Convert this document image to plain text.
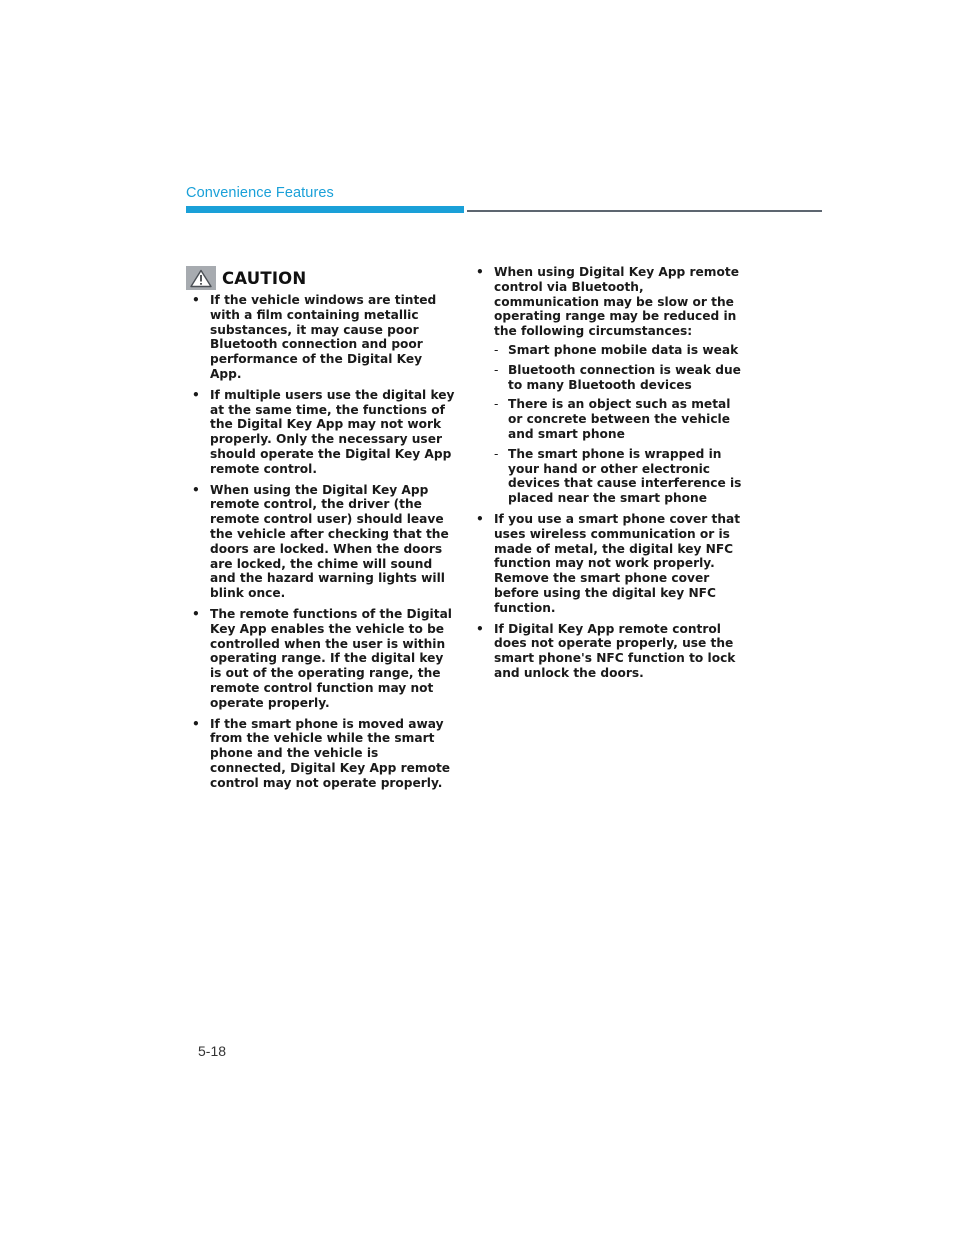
Convenience Features
CAUTION
• If the vehicle windows are tinted with a film containing metallic substances, it may cause poor Bluetooth connection and poor performance of the Digital Key App.
• If multiple users use the digital key at the same time, the functions of the Digital Key App may not work properly. Only the necessary user should operate the Digital Key App remote control.
• When using the Digital Key App remote control, the driver (the remote control user) should leave the vehicle after checking that the doors are locked. When the doors are locked, the chime will sound and the hazard warning lights will blink once.
• The remote functions of the Digital Key App enables the vehicle to be controlled when the user is within operating range. If the digital key is out of the operating range, the remote control function may not operate properly.
• If the smart phone is moved away from the vehicle while the smart phone and the vehicle is connected, Digital Key App remote control may not operate properly.
• When using Digital Key App remote control via Bluetooth, communication may be slow or the operating range may be reduced in the following circumstances:
- Smart phone mobile data is weak
- Bluetooth connection is weak due to many Bluetooth devices
- There is an object such as metal or concrete between the vehicle and smart phone
- The smart phone is wrapped in your hand or other electronic devices that cause interference is placed near the smart phone
• If you use a smart phone cover that uses wireless communication or is made of metal, the digital key NFC function may not work properly. Remove the smart phone cover before using the digital key NFC function.
• If Digital Key App remote control does not operate properly, use the smart phone's NFC function to lock and unlock the doors.
5-18
